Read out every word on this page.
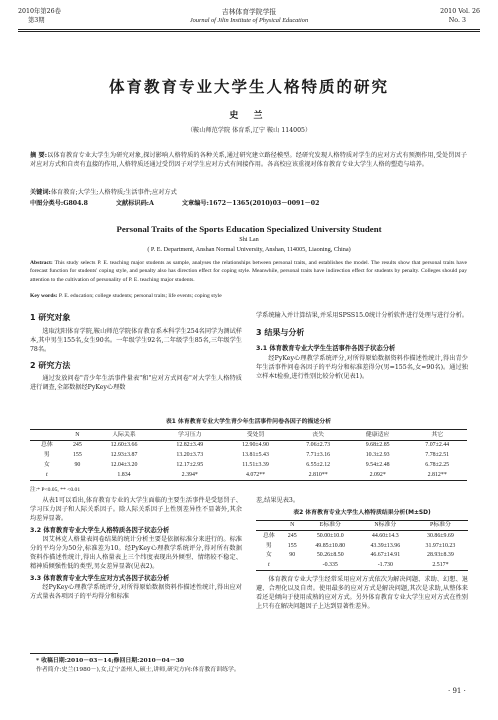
2010年第26卷
第3期
吉林体育学院学报
Journal of Jilin Institute of Physical Education
2010 Vol. 26
No. 3
体育教育专业大学生人格特质的研究
史 兰
（鞍山师范学院 体育系,辽宁 鞍山 114005）
摘 要:以体育教育专业大学生为研究对象,探讨影响人格特质的各种关系,通过研究建立路径模型。经研究发现人格特质对学生的应对方式有预测作用,受处罚因子对应对方式和自责有直接的作用,人格特质还通过受罚因子对学生应对方式有间接作用。各高校应该重视对体育教育专业大学生人格的塑造与培养。
关键词:体育教育;大学生;人格特质;生活事件;应对方式
中图分类号:G804.8	文献标识码:A	文章编号:1672－1365(2010)03－0091－02
Personal Traits of the Sports Education Specialized University Student
Shi Lan
( P. E. Department, Anshan Normal University, Anshan, 114005, Liaoning, China)
Abstract: This study selects P. E. teaching major students as sample, analyses the relationships between personal traits, and establishes the model. The results show that personal traits have forecast function for students' coping style, and penalty also has direction effect for coping style. Meanwhile, personal traits have indirection effect for students by penalty. Colleges should pay attention to the cultivation of personality of P. E. teaching major students.
Key words: P. E. education; college students; personal traits; life events; coping style
1 研究对象

选取沈阳体育学院,鞍山师范学院体育教育系本科学生254名同学为测试样本,其中男生155名,女生90名。一年级学生92名,二年级学生85名,三年级学生78名。

2 研究方法

通过发放问卷"青少年生活事件量表"和"应对方式问卷"对大学生人格特质进行调查,全部数据经PyKey心理数

学系统输入并计算结果,并采用SPSS15.0统计分析软件进行处理与进行分析。

3 结果与分析
3.1 体育教育专业大学生生活事件各因子状态分析

经PyKey心理教学系统评分,对所得原始数据资料作描述性统计,得出青少年生活事件问卷各因子的平均分和标准差得分(男=155名,女=90名)。通过独立样本t检验,进行性别比较分析(见表1)。

表1 体育教育专业大学生青少年生活事件问卷各因子的描述分析
	N	人际关系	学习压力	受处罚	丧失	健康适应	其它
总体	245	12.60±3.66	12.82±3.49	12.90±4.90	7.06±2.73	9.68±2.85	7.07±2.44
男	155	12.93±3.87	13.20±3.73	13.81±5.43	7.71±3.16	10.3±2.93	7.78±2.51
女	90	12.04±3.20	12.17±2.95	11.51±3.39	6.55±2.12	9.54±2.48	6.78±2.25
t		1.834	2.394*	4.072**	2.810**	2.092*	2.812**
注:* P<0.05, ** <0.01

从表1可以看出,体育教育专业的大学生面临的主要生活事件是受惩罚子、学习压力因子和人际关系因子。除人际关系因子上性别差异性不显著外,其余均差异显著。

3.2 体育教育专业大学生人格特质各因子状态分析

因艾林克人格量表问卷结果的统计分析主要是依据标准分来进行的。标准分的平均分为50分,标准差为10。经PyKey心理教学系统评分,得对所有数据资料作描述性统计,得出人格量表上三个纬度表现出外倾型、情绪较不稳定、精神质倾强性低的类型,男女差异显著(见表2)。

3.3 体育教育专业大学生应对方式各因子状态分析

经PyKey心理教学系统评分,对所得原始数据资料作描述性统计,得出应对方式量表各项因子的平均得分和标准

差,结果见表3。

表2 体育教育专业大学生人格特质结果分析(M±SD)
	N	E标准分	N标准分	P标准分
总体	245	50.00±10.0	44.60±14.3	30.86±9.69
男	155	49.85±10.80	43.39±13.96	31.97±10.23
女	90	50.26±8.50	46.67±14.91	28.93±8.39
t		-0.335	-1.730	2.517*

体育教育专业大学生经常采用应对方式依次为解决问题、求助、幻想、退避、合理化以及自责。使用最多的应对方式是解决问题,其次是求助,从整体来看还是倾向于使用成熟的应对方式。另外体育教育专业大学生应对方式在性别上只有在解决问题因子上达到显著性差异。

* 收稿日期:2010－03－14;修回日期:2010－04－30
作者简介:史兰(1980－),女,辽宁盖州人,硕士,讲师,研究方向:体育教育训练学。
· 91 ·
